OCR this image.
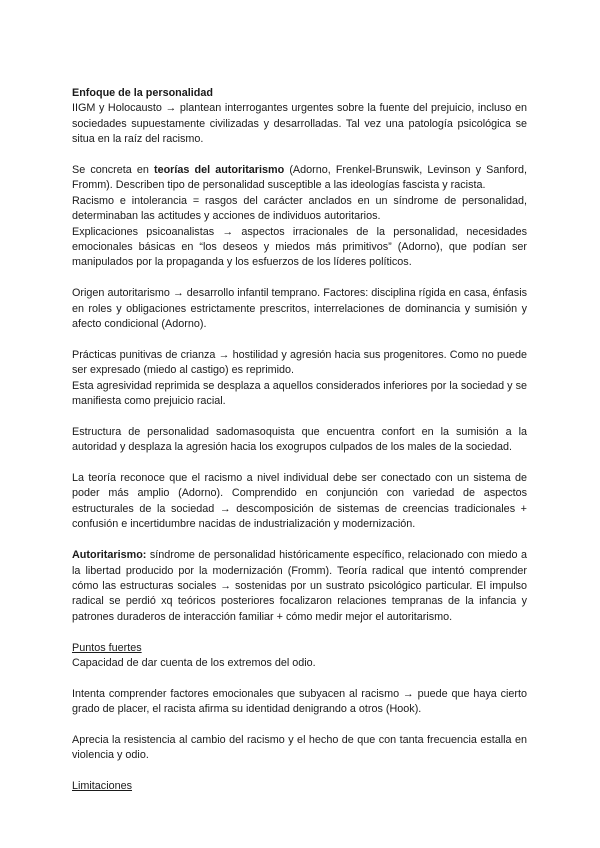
Enfoque de la personalidad
IIGM y Holocausto → plantean interrogantes urgentes sobre la fuente del prejuicio, incluso en sociedades supuestamente civilizadas y desarrolladas. Tal vez una patología psicológica se situa en la raíz del racismo.

Se concreta en teorías del autoritarismo (Adorno, Frenkel-Brunswik, Levinson y Sanford, Fromm). Describen tipo de personalidad susceptible a las ideologías fascista y racista.

Racismo e intolerancia = rasgos del carácter anclados en un síndrome de personalidad, determinaban las actitudes y acciones de individuos autoritarios.

Explicaciones psicoanalistas → aspectos irracionales de la personalidad, necesidades emocionales básicas en “los deseos y miedos más primitivos” (Adorno), que podían ser manipulados por la propaganda y los esfuerzos de los líderes políticos.

Origen autoritarismo → desarrollo infantil temprano. Factores: disciplina rígida en casa, énfasis en roles y obligaciones estrictamente prescritos, interrelaciones de dominancia y sumisión y afecto condicional (Adorno).

Prácticas punitivas de crianza → hostilidad y agresión hacia sus progenitores. Como no puede ser expresado (miedo al castigo) es reprimido.

Esta agresividad reprimida se desplaza a aquellos considerados inferiores por la sociedad y se manifiesta como prejuicio racial.

Estructura de personalidad sadomasoquista que encuentra confort en la sumisión a la autoridad y desplaza la agresión hacia los exogrupos culpados de los males de la sociedad.

La teoría reconoce que el racismo a nivel individual debe ser conectado con un sistema de poder más amplio (Adorno). Comprendido en conjunción con variedad de aspectos estructurales de la sociedad → descomposición de sistemas de creencias tradicionales + confusión e incertidumbre nacidas de industrialización y modernización.

Autoritarismo: síndrome de personalidad históricamente específico, relacionado con miedo a la libertad producido por la modernización (Fromm). Teoría radical que intentó comprender cómo las estructuras sociales → sostenidas por un sustrato psicológico particular. El impulso radical se perdió xq teóricos posteriores focalizaron relaciones tempranas de la infancia y patrones duraderos de interacción familiar + cómo medir mejor el autoritarismo.

Puntos fuertes
Capacidad de dar cuenta de los extremos del odio.

Intenta comprender factores emocionales que subyacen al racismo → puede que haya cierto grado de placer, el racista afirma su identidad denigrando a otros (Hook).

Aprecia la resistencia al cambio del racismo y el hecho de que con tanta frecuencia estalla en violencia y odio.

Limitaciones
